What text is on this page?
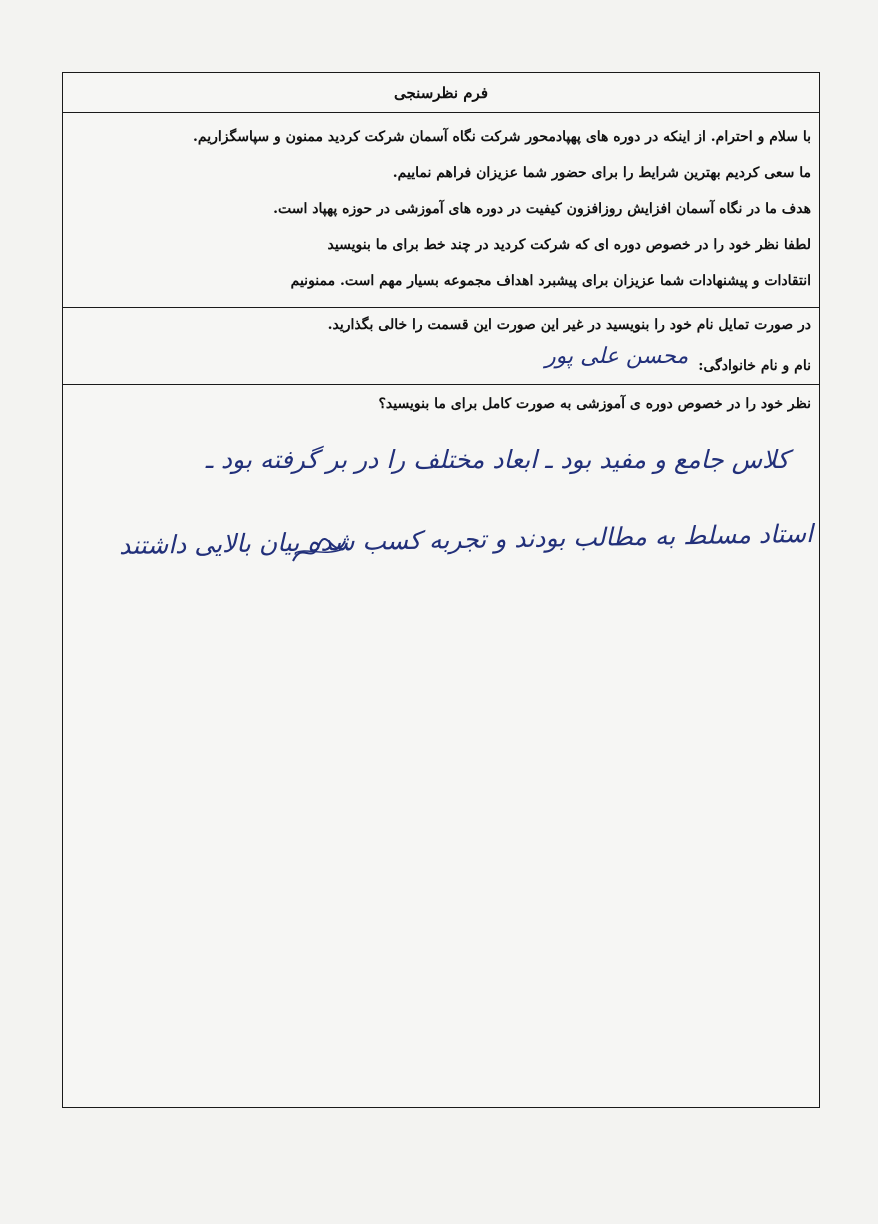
فرم نظرسنجی

با سلام و احترام. از اینکه در دوره های پهپادمحور شرکت نگاه آسمان شرکت کردید ممنون و سپاسگزاریم.

ما سعی کردیم بهترین شرایط را برای حضور شما عزیزان فراهم نماییم.

هدف ما در نگاه آسمان افزایش روزافزون کیفیت در دوره های آموزشی در حوزه پهپاد است.

لطفا نظر خود را در خصوص دوره ای که شرکت کردید در چند خط برای ما بنویسید

انتقادات و پیشنهادات شما عزیزان برای پیشبرد اهداف مجموعه بسیار مهم است. ممنونیم

در صورت تمایل نام خود را بنویسید در غیر این صورت این قسمت را خالی بگذارید.
نام و نام خانوادگی:
محسن علی پور
نظر خود را در خصوص دوره ی آموزشی به صورت کامل برای ما بنویسید؟
کلاس جامع و مفید بود ـ ابعاد مختلف را در بر گرفته بود ـ
استاد مسلط به مطالب بودند و تجربه کسب شده بیان بالایی داشتند
